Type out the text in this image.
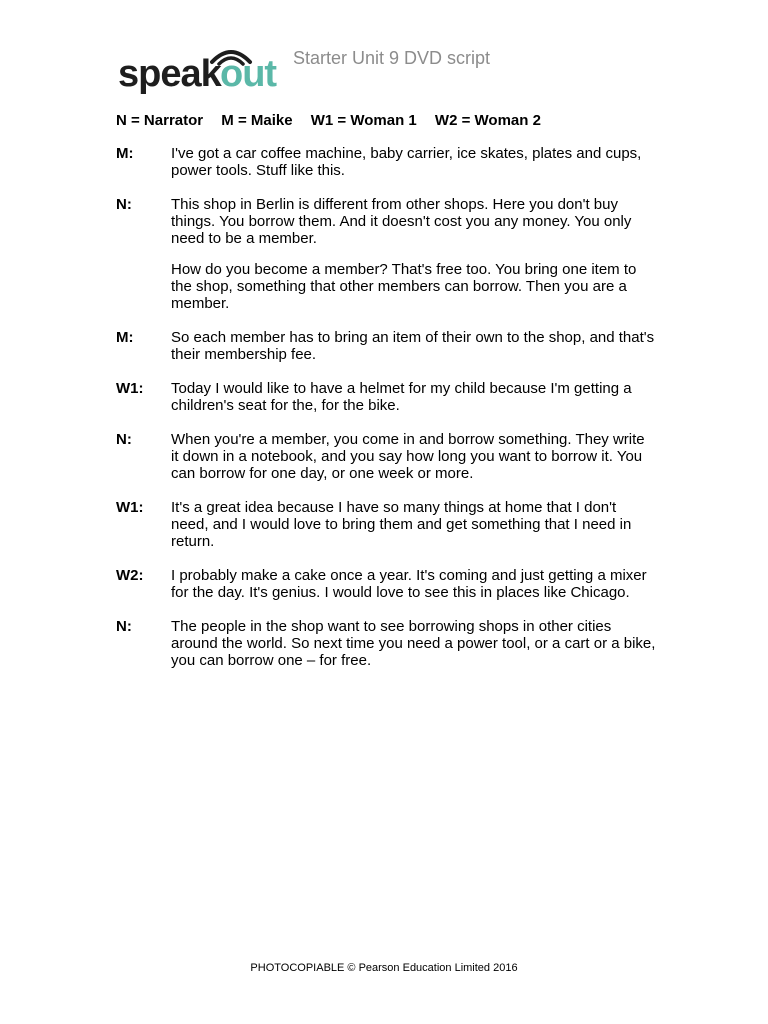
speak out Starter Unit 9 DVD script
N = Narrator M = Maike W1 = Woman 1 W2 = Woman 2
M:	I've got a car coffee machine, baby carrier, ice skates, plates and cups, power tools. Stuff like this.

N:	This shop in Berlin is different from other shops. Here you don't buy things. You borrow them. And it doesn't cost you any money. You only need to be a member.

How do you become a member? That's free too. You bring one item to the shop, something that other members can borrow. Then you are a member.

M:	So each member has to bring an item of their own to the shop, and that's their membership fee.

W1:	Today I would like to have a helmet for my child because I'm getting a children's seat for the, for the bike.

N:	When you're a member, you come in and borrow something. They write it down in a notebook, and you say how long you want to borrow it. You can borrow for one day, or one week or more.

W1:	It's a great idea because I have so many things at home that I don't need, and I would love to bring them and get something that I need in return.

W2:	I probably make a cake once a year. It's coming and just getting a mixer for the day. It's genius. I would love to see this in places like Chicago.

N:	The people in the shop want to see borrowing shops in other cities around the world. So next time you need a power tool, or a cart or a bike, you can borrow one – for free.

PHOTOCOPIABLE © Pearson Education Limited 2016
